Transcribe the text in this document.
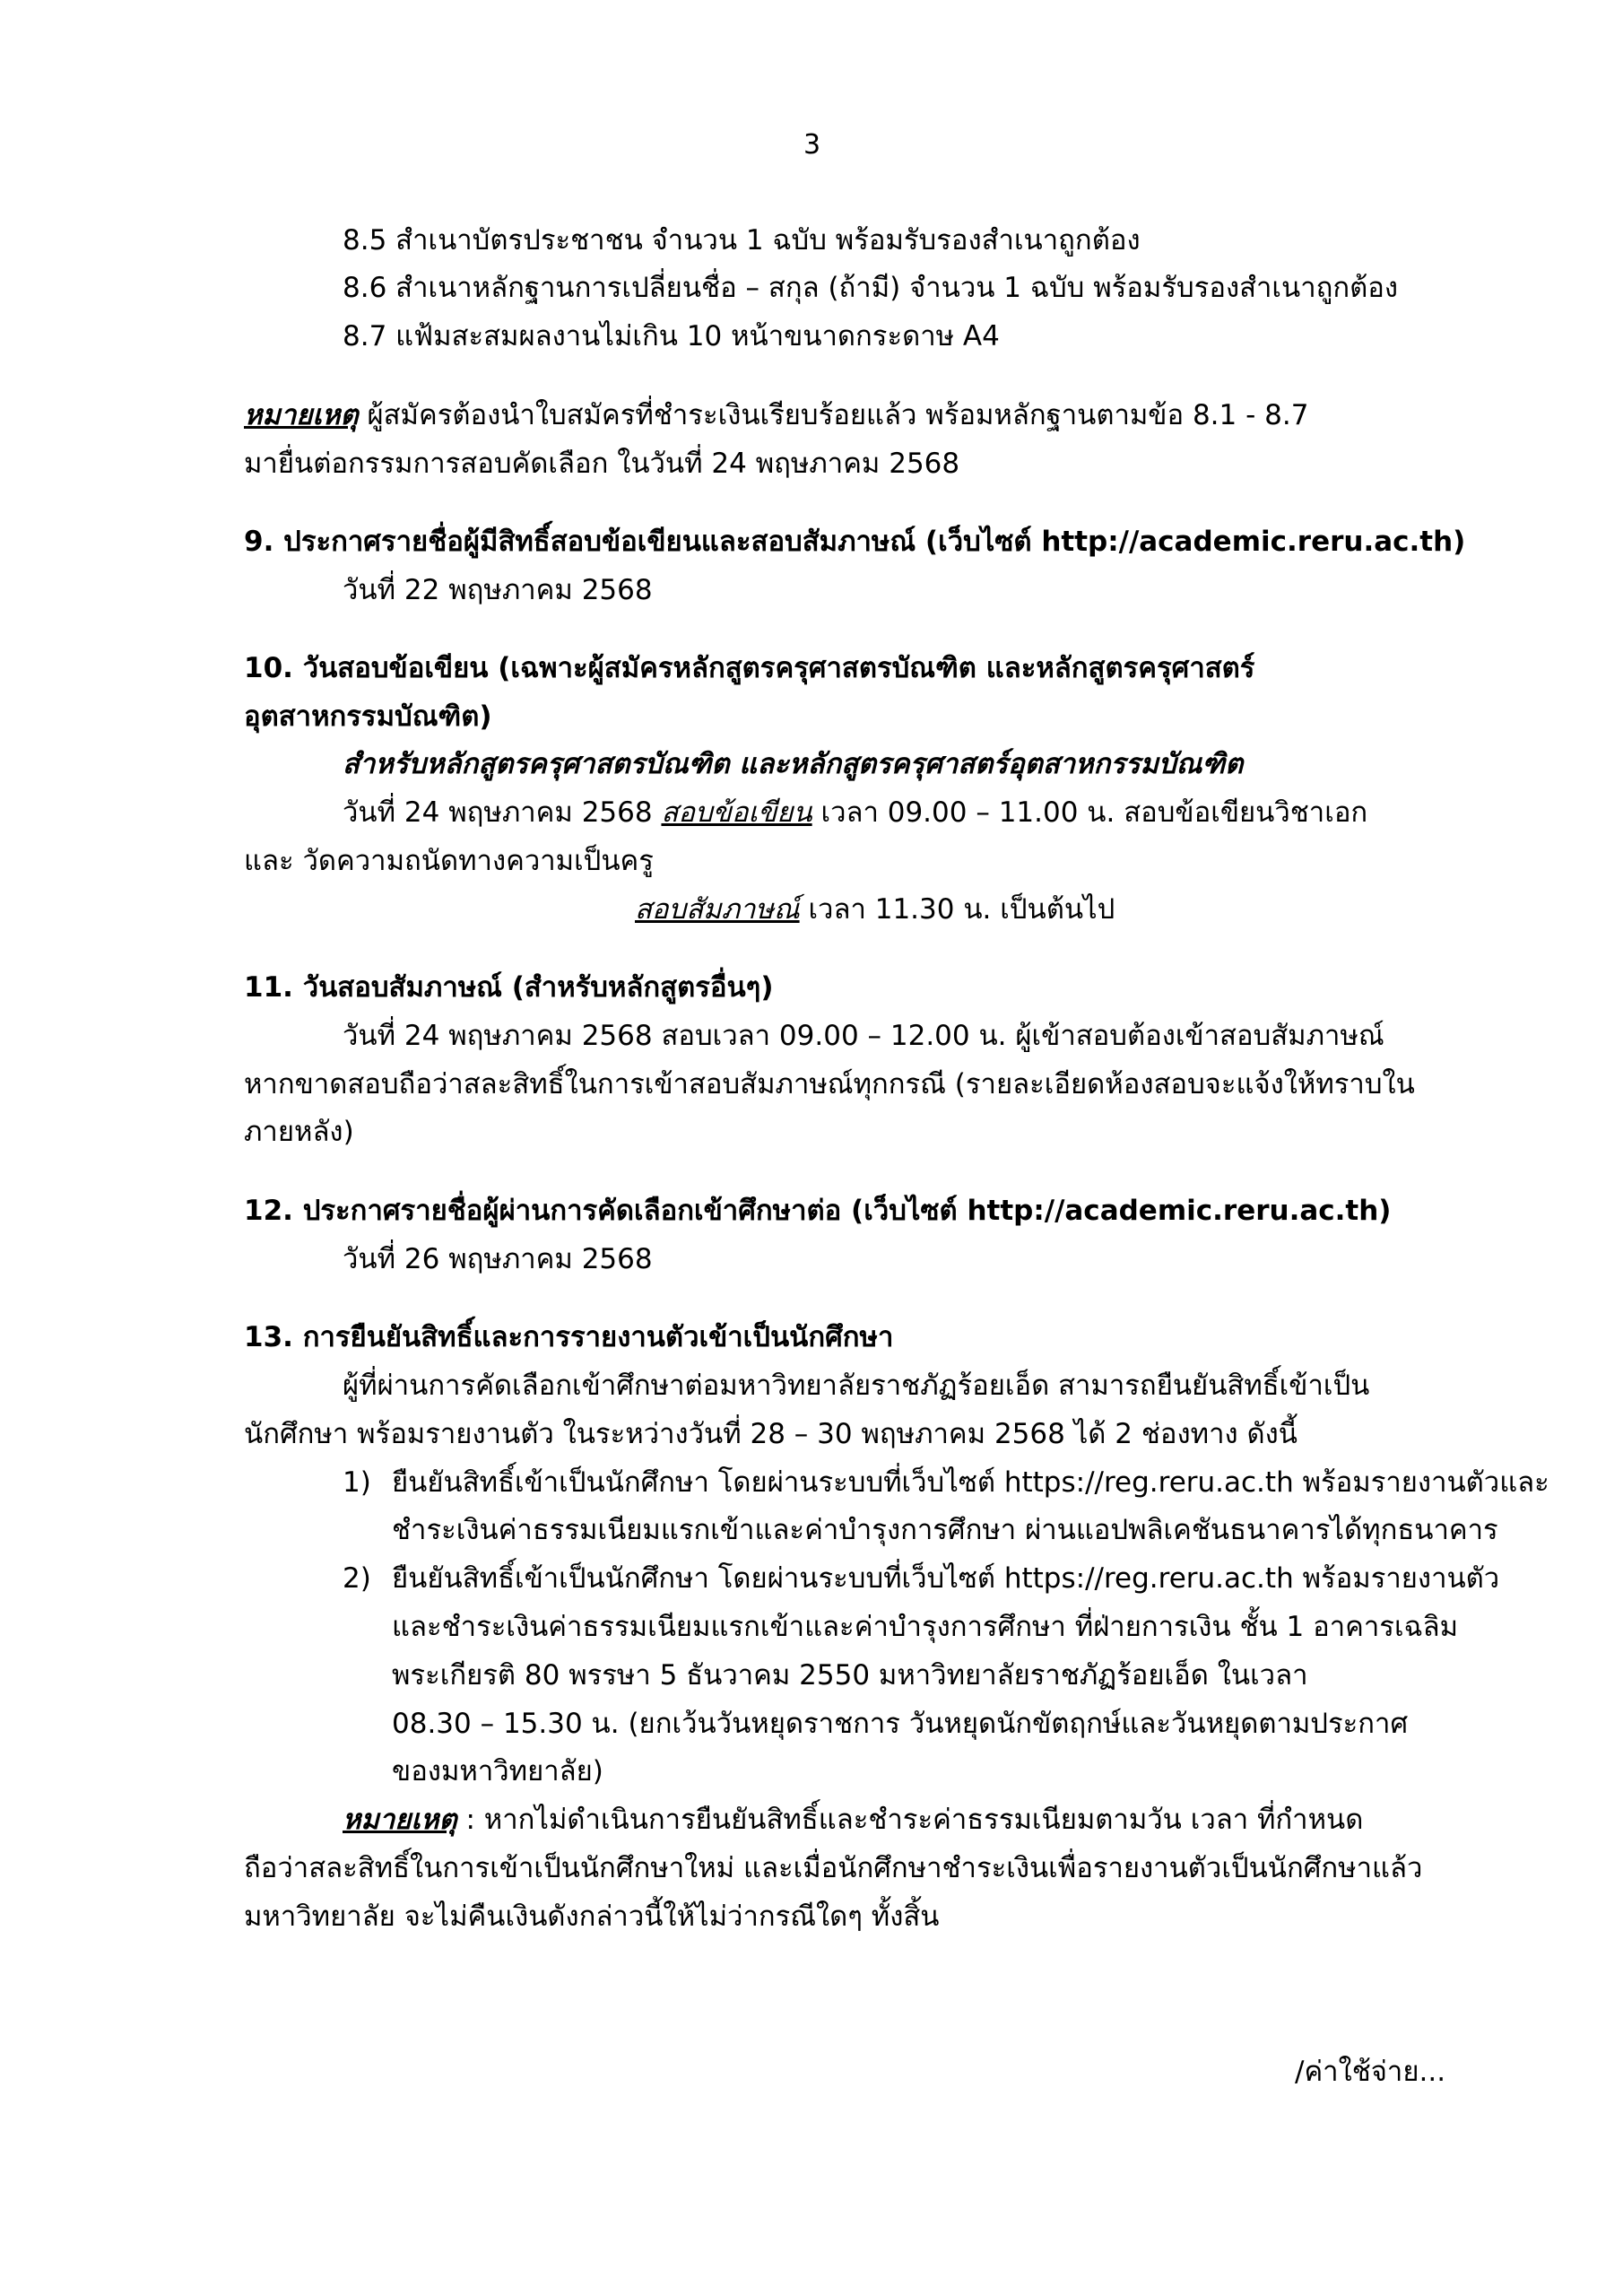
3
8.5 สำเนาบัตรประชาชน จำนวน 1 ฉบับ พร้อมรับรองสำเนาถูกต้อง
8.6 สำเนาหลักฐานการเปลี่ยนชื่อ – สกุล (ถ้ามี) จำนวน 1 ฉบับ พร้อมรับรองสำเนาถูกต้อง
8.7 แฟ้มสะสมผลงานไม่เกิน 10 หน้าขนาดกระดาษ A4
หมายเหตุ ผู้สมัครต้องนำใบสมัครที่ชำระเงินเรียบร้อยแล้ว พร้อมหลักฐานตามข้อ 8.1 - 8.7
มายื่นต่อกรรมการสอบคัดเลือก ในวันที่ 24 พฤษภาคม 2568
9. ประกาศรายชื่อผู้มีสิทธิ์สอบข้อเขียนและสอบสัมภาษณ์ (เว็บไซต์ http://academic.reru.ac.th)
วันที่ 22 พฤษภาคม 2568
10. วันสอบข้อเขียน (เฉพาะผู้สมัครหลักสูตรครุศาสตรบัณฑิต และหลักสูตรครุศาสตร์
อุตสาหกรรมบัณฑิต)
สำหรับหลักสูตรครุศาสตรบัณฑิต และหลักสูตรครุศาสตร์อุตสาหกรรมบัณฑิต
วันที่ 24 พฤษภาคม 2568 สอบข้อเขียน เวลา 09.00 – 11.00 น. สอบข้อเขียนวิชาเอก
และ วัดความถนัดทางความเป็นครู
สอบสัมภาษณ์ เวลา 11.30 น. เป็นต้นไป
11. วันสอบสัมภาษณ์ (สำหรับหลักสูตรอื่นๆ)
วันที่ 24 พฤษภาคม 2568 สอบเวลา 09.00 – 12.00 น. ผู้เข้าสอบต้องเข้าสอบสัมภาษณ์
หากขาดสอบถือว่าสละสิทธิ์ในการเข้าสอบสัมภาษณ์ทุกกรณี (รายละเอียดห้องสอบจะแจ้งให้ทราบใน
ภายหลัง)
12. ประกาศรายชื่อผู้ผ่านการคัดเลือกเข้าศึกษาต่อ (เว็บไซต์ http://academic.reru.ac.th)
วันที่ 26 พฤษภาคม 2568
13. การยืนยันสิทธิ์และการรายงานตัวเข้าเป็นนักศึกษา
ผู้ที่ผ่านการคัดเลือกเข้าศึกษาต่อมหาวิทยาลัยราชภัฏร้อยเอ็ด สามารถยืนยันสิทธิ์เข้าเป็น
นักศึกษา พร้อมรายงานตัว ในระหว่างวันที่ 28 – 30 พฤษภาคม 2568 ได้ 2 ช่องทาง ดังนี้
1) ยืนยันสิทธิ์เข้าเป็นนักศึกษา โดยผ่านระบบที่เว็บไซต์ https://reg.reru.ac.th พร้อมรายงานตัวและ
ชำระเงินค่าธรรมเนียมแรกเข้าและค่าบำรุงการศึกษา ผ่านแอปพลิเคชันธนาคารได้ทุกธนาคาร
2) ยืนยันสิทธิ์เข้าเป็นนักศึกษา โดยผ่านระบบที่เว็บไซต์ https://reg.reru.ac.th พร้อมรายงานตัว
และชำระเงินค่าธรรมเนียมแรกเข้าและค่าบำรุงการศึกษา ที่ฝ่ายการเงิน ชั้น 1 อาคารเฉลิม
พระเกียรติ 80 พรรษา 5 ธันวาคม 2550 มหาวิทยาลัยราชภัฏร้อยเอ็ด ในเวลา
08.30 – 15.30 น. (ยกเว้นวันหยุดราชการ วันหยุดนักขัตฤกษ์และวันหยุดตามประกาศ
ของมหาวิทยาลัย)
หมายเหตุ : หากไม่ดำเนินการยืนยันสิทธิ์และชำระค่าธรรมเนียมตามวัน เวลา ที่กำหนด
ถือว่าสละสิทธิ์ในการเข้าเป็นนักศึกษาใหม่ และเมื่อนักศึกษาชำระเงินเพื่อรายงานตัวเป็นนักศึกษาแล้ว
มหาวิทยาลัย จะไม่คืนเงินดังกล่าวนี้ให้ไม่ว่ากรณีใดๆ ทั้งสิ้น
/ค่าใช้จ่าย...
